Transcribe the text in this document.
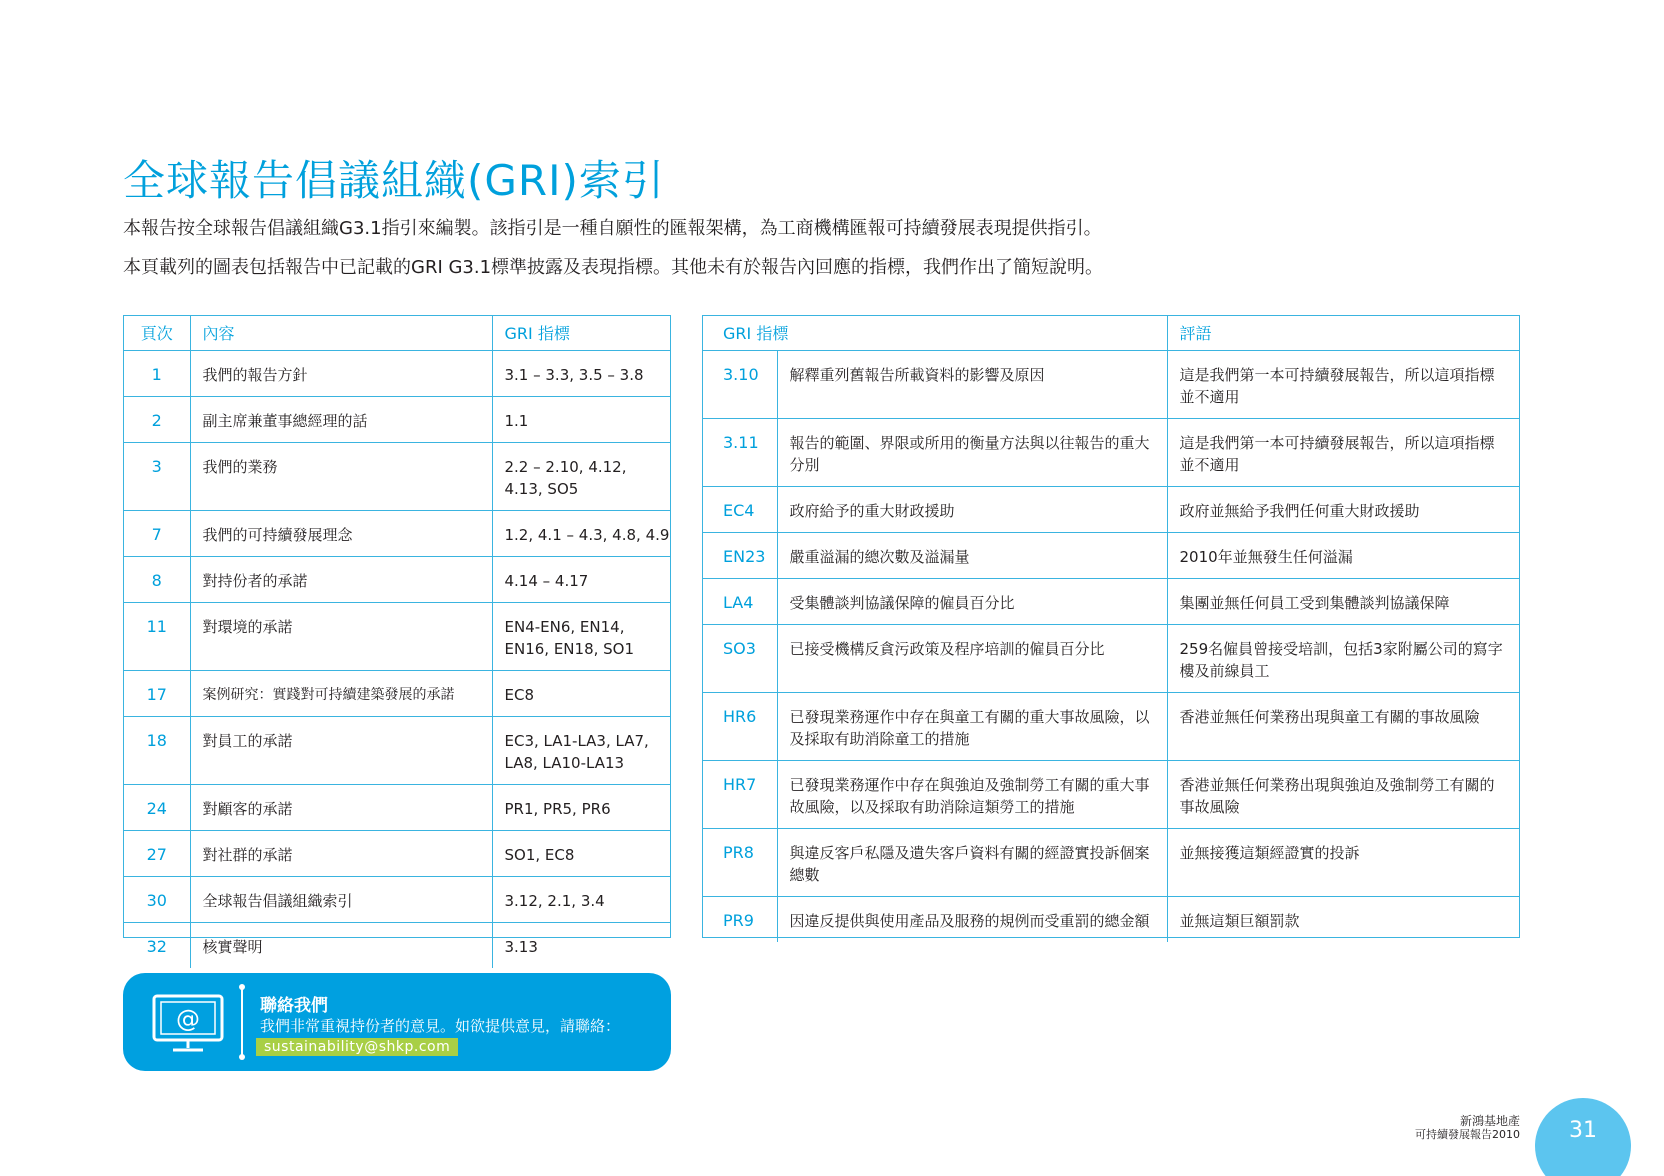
全球報告倡議組織(GRI)索引

本報告按全球報告倡議組織G3.1指引來編製。該指引是一種自願性的匯報架構，為工商機構匯報可持續發展表現提供指引。

本頁載列的圖表包括報告中已記載的GRI G3.1標準披露及表現指標。其他未有於報告內回應的指標，我們作出了簡短說明。

頁次	內容	GRI 指標
1	我們的報告方針	3.1 – 3.3, 3.5 – 3.8
2	副主席兼董事總經理的話	1.1
3	我們的業務	2.2 – 2.10, 4.12, 4.13, SO5
7	我們的可持續發展理念	1.2, 4.1 – 4.3, 4.8, 4.9
8	對持份者的承諾	4.14 – 4.17
11	對環境的承諾	EN4-EN6, EN14, EN16, EN18, SO1
17	案例研究：實踐對可持續建築發展的承諾	EC8
18	對員工的承諾	EC3, LA1-LA3, LA7, LA8, LA10-LA13
24	對顧客的承諾	PR1, PR5, PR6
27	對社群的承諾	SO1, EC8
30	全球報告倡議組織索引	3.12, 2.1, 3.4
32	核實聲明	3.13
GRI 指標		評語
3.10	解釋重列舊報告所載資料的影響及原因	這是我們第一本可持續發展報告，所以這項指標並不適用
3.11	報告的範圍、界限或所用的衡量方法與以往報告的重大分別	這是我們第一本可持續發展報告，所以這項指標並不適用
EC4	政府給予的重大財政援助	政府並無給予我們任何重大財政援助
EN23	嚴重溢漏的總次數及溢漏量	2010年並無發生任何溢漏
LA4	受集體談判協議保障的僱員百分比	集團並無任何員工受到集體談判協議保障
SO3	已接受機構反貪污政策及程序培訓的僱員百分比	259名僱員曾接受培訓，包括3家附屬公司的寫字樓及前線員工
HR6	已發現業務運作中存在與童工有關的重大事故風險，以及採取有助消除童工的措施	香港並無任何業務出現與童工有關的事故風險
HR7	已發現業務運作中存在與強迫及強制勞工有關的重大事故風險，以及採取有助消除這類勞工的措施	香港並無任何業務出現與強迫及強制勞工有關的事故風險
PR8	與違反客戶私隱及遺失客戶資料有關的經證實投訴個案總數	並無接獲這類經證實的投訴
PR9	因違反提供與使用產品及服務的規例而受重罰的總金額	並無這類巨額罰款
@	聯絡我們
我們非常重視持份者的意見。如欲提供意見，請聯絡：
sustainability@shkp.com
新鴻基地產
可持續發展報告2010	31
